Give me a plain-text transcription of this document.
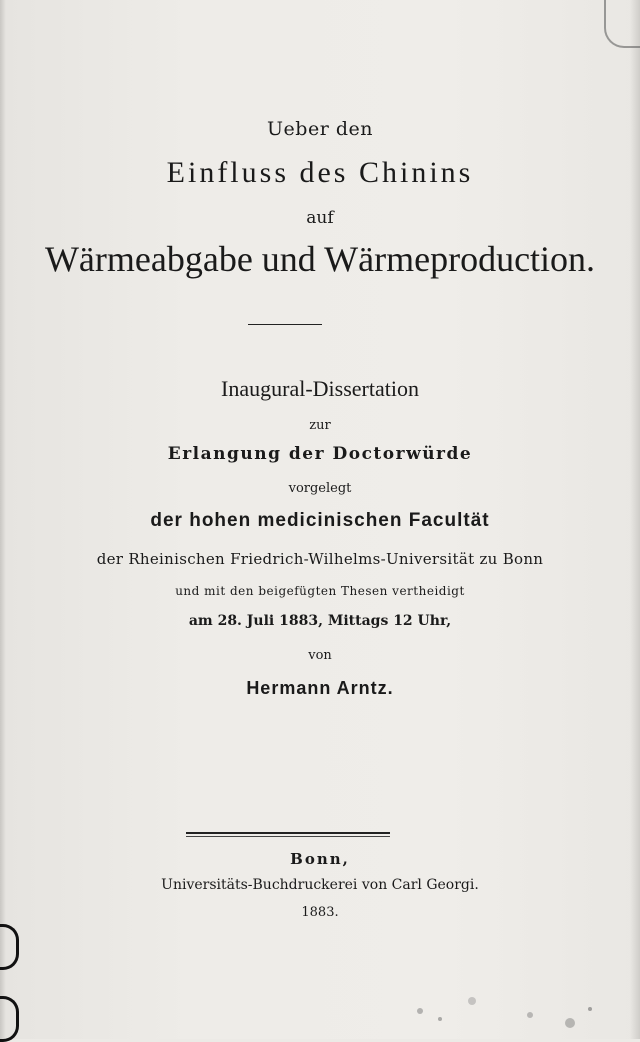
Ueber den
Einfluss des Chinins
auf
Wärmeabgabe und Wärmeproduction.
Inaugural-Dissertation
zur
Erlangung der Doctorwürde
vorgelegt
der hohen medicinischen Facultät
der Rheinischen Friedrich-Wilhelms-Universität zu Bonn
und mit den beigefügten Thesen vertheidigt
am 28. Juli 1883, Mittags 12 Uhr,
von
Hermann Arntz.
Bonn,
Universitäts-Buchdruckerei von Carl Georgi.
1883.
